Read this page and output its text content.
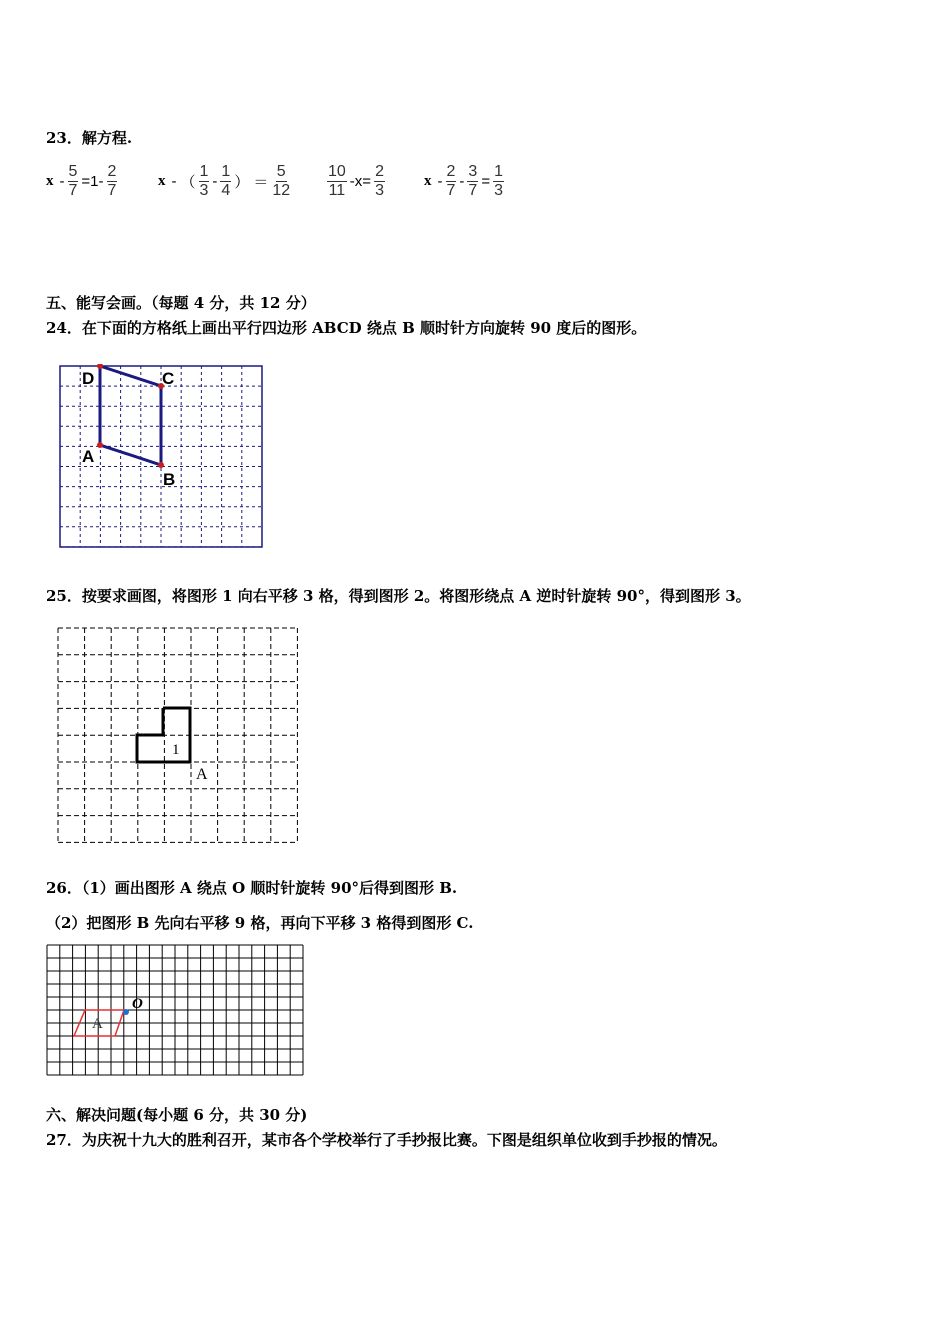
23．解方程.
$x - \frac{5}{7} =1- \frac{2}{7}$	x - （ $\frac{1}{3} - \frac{1}{4}$ ） ＝ $\frac{5}{12} \frac{10}{11} -x= \frac{2}{3}$	$x - \frac{2}{7} - \frac{3}{7} = \frac{1}{3}$
五、能写会画。（每题 4 分，共 12 分）
24．在下面的方格纸上画出平行四边形 ABCD 绕点 B 顺时针方向旋转 90 度后的图形。
D	C
A
B
25．按要求画图，将图形 1 向右平移 3 格，得到图形 2。将图形绕点 A 逆时针旋转 90°，得到图形 3。
1
A
26．（1）画出图形 A 绕点 O 顺时针旋转 90°后得到图形 B.
（2）把图形 B 先向右平移 9 格，再向下平移 3 格得到图形 C.
A
O
六、解决问题(每小题 6 分，共 30 分)
27．为庆祝十九大的胜利召开，某市各个学校举行了手抄报比赛。下图是组织单位收到手抄报的情况。
